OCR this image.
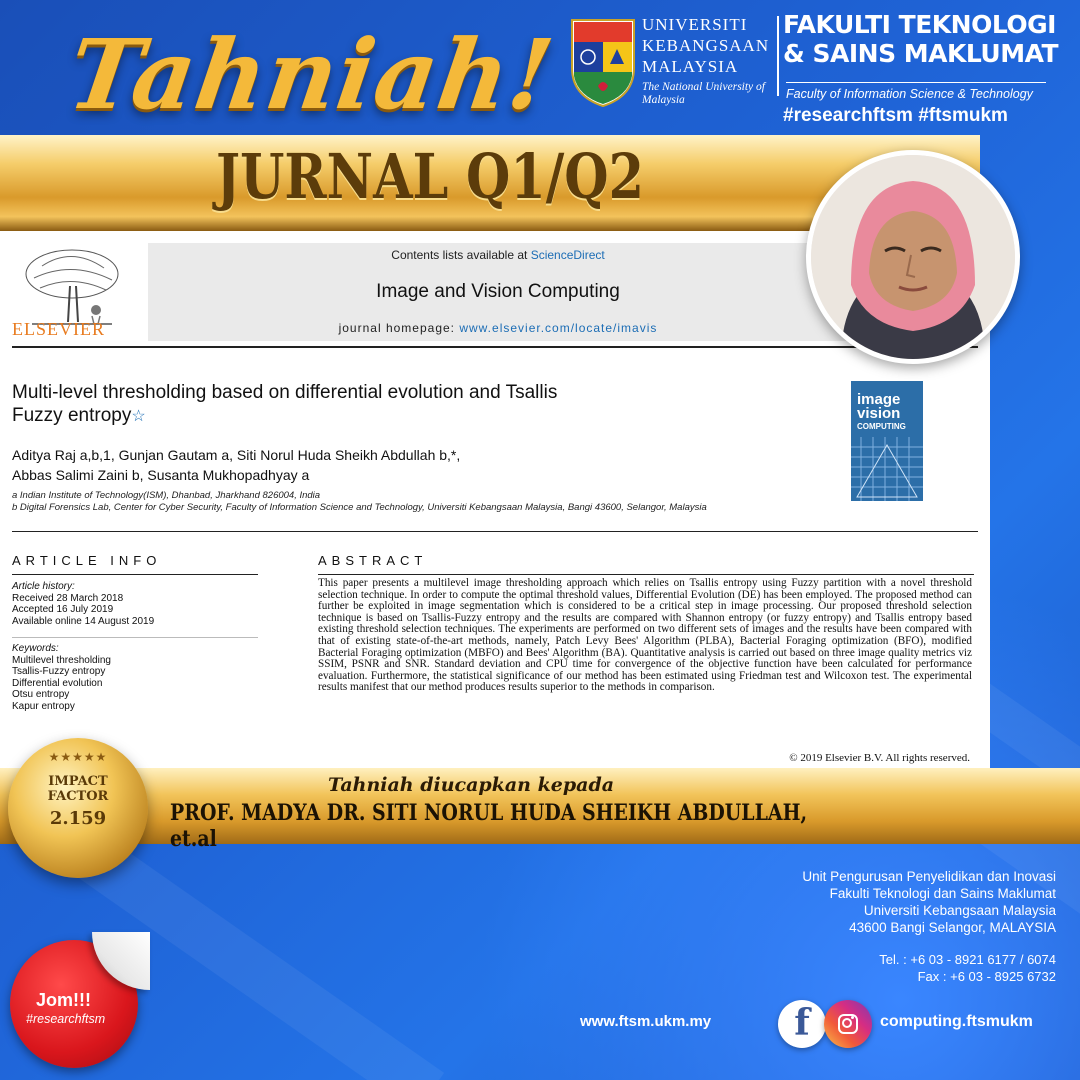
Tahniah!	UNIVERSITI
KEBANGSAAN
MALAYSIA
The National University of Malaysia
FAKULTI TEKNOLOGI
& SAINS MAKLUMAT
Faculty of Information Science & Technology
#researchftsm #ftsmukm
JURNAL Q1/Q2
ELSEVIER
Contents lists available at ScienceDirect
Image and Vision Computing
journal homepage: www.elsevier.com/locate/imavis
Multi-level thresholding based on differential evolution and Tsallis
Fuzzy entropy☆
Aditya Raj a,b,1, Gunjan Gautam a, Siti Norul Huda Sheikh Abdullah b,*,
Abbas Salimi Zaini b, Susanta Mukhopadhyay a
a Indian Institute of Technology(ISM), Dhanbad, Jharkhand 826004, India
b Digital Forensics Lab, Center for Cyber Security, Faculty of Information Science and Technology, Universiti Kebangsaan Malaysia, Bangi 43600, Selangor, Malaysia
image
vision
COMPUTING
ARTICLE INFO	ABSTRACT
Article history:
Received 28 March 2018
Accepted 16 July 2019
Available online 14 August 2019
Keywords:
Multilevel thresholding
Tsallis-Fuzzy entropy
Differential evolution
Otsu entropy
Kapur entropy
This paper presents a multilevel image thresholding approach which relies on Tsallis entropy using Fuzzy partition with a novel threshold selection technique. In order to compute the optimal threshold values, Differential Evolution (DE) has been employed. The proposed method can further be exploited in image segmentation which is considered to be a critical step in image processing. Our proposed threshold selection technique is based on Tsallis-Fuzzy entropy and the results are compared with Shannon entropy (or fuzzy entropy) and Tsallis entropy based existing threshold selection techniques. The experiments are performed on two different sets of images and the results have been compared with that of existing state-of-the-art methods, namely, Patch Levy Bees' Algorithm (PLBA), Bacterial Foraging optimization (BFO), modified Bacterial Foraging optimization (MBFO) and Bees' Algorithm (BA). Quantitative analysis is carried out based on three image quality metrics viz SSIM, PSNR and SNR. Standard deviation and CPU time for convergence of the objective function have been calculated for performance evaluation. Furthermore, the statistical significance of our method has been estimated using Friedman test and Wilcoxon test. The experimental results manifest that our method produces results superior to the methods in comparison.
© 2019 Elsevier B.V. All rights reserved.
Tahniah diucapkan kepada
PROF. MADYA DR. SITI NORUL HUDA SHEIKH ABDULLAH, et.al
★★★★★
IMPACT
FACTOR
2.159
Unit Pengurusan Penyelidikan dan Inovasi
Fakulti Teknologi dan Sains Maklumat
Universiti Kebangsaan Malaysia
43600 Bangi Selangor, MALAYSIA
Tel. : +6 03 - 8921 6177 / 6074
Fax : +6 03 - 8925 6732
www.ftsm.ukm.my	f	computing.ftsmukm
Jom!!!
#researchftsm
